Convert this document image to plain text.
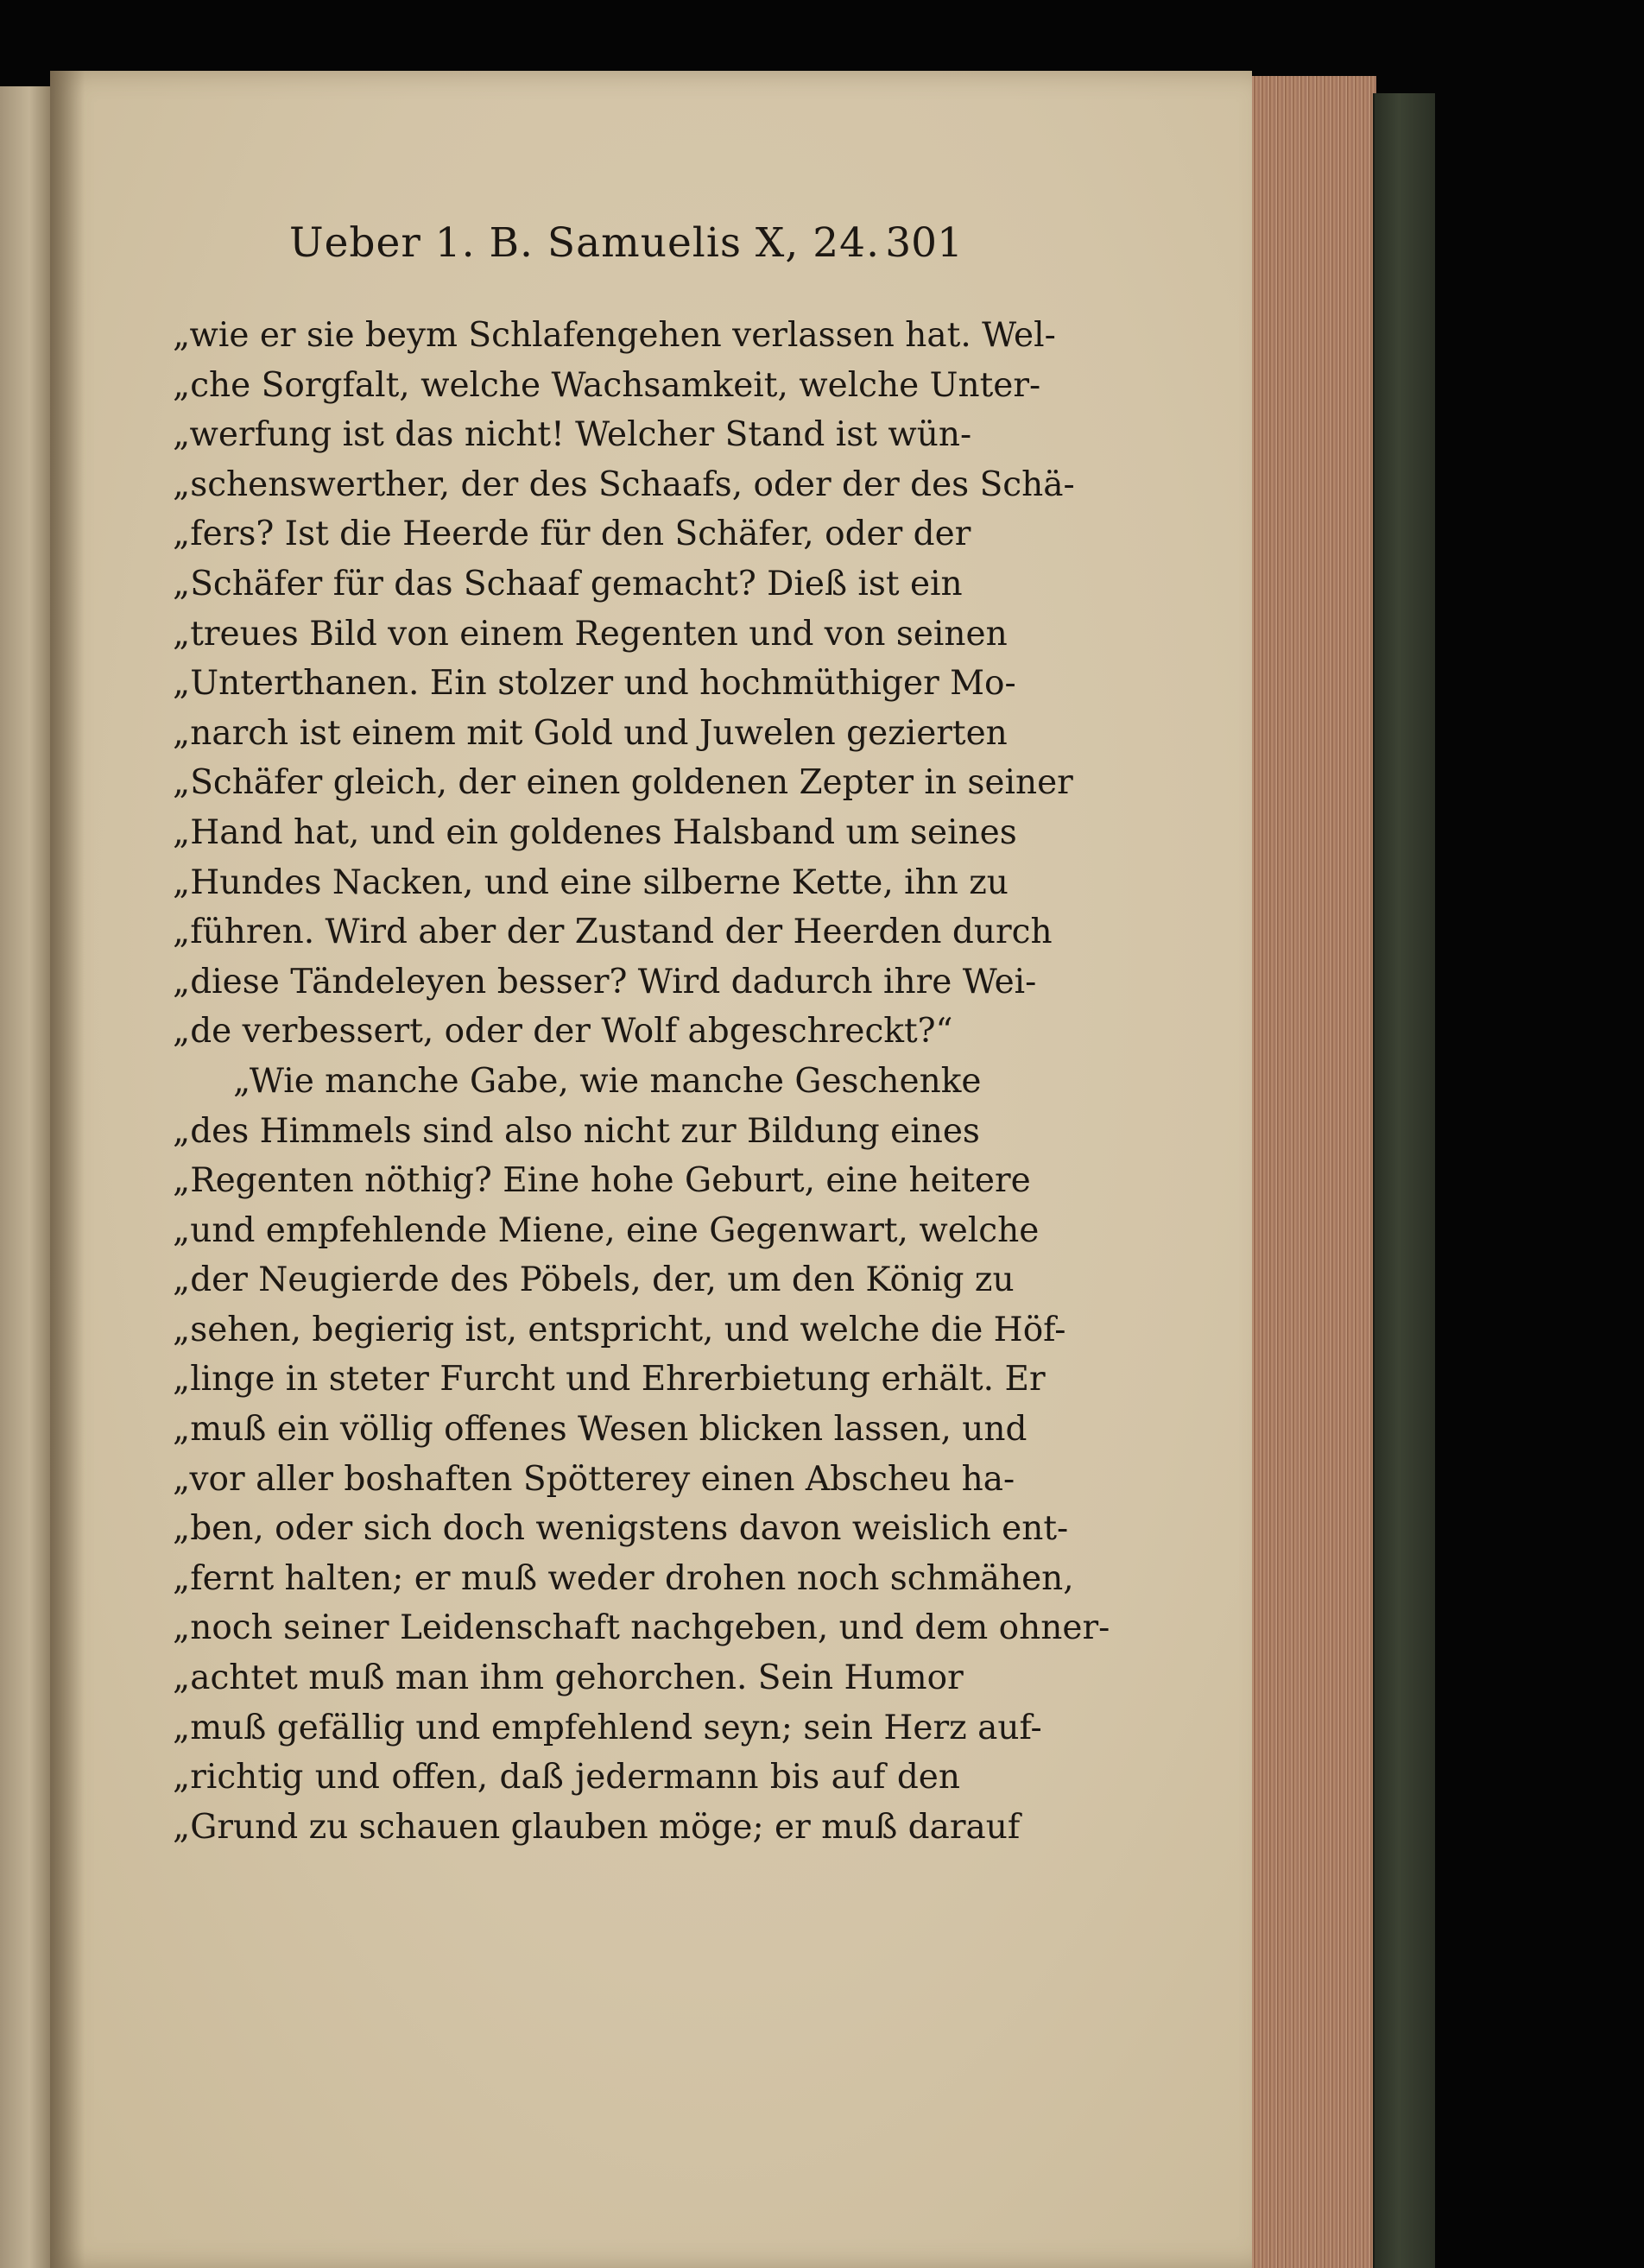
Ueber 1. B. Samuelis X, 24. 301
„wie er sie beym Schlafengehen verlassen hat. Wel-
„che Sorgfalt, welche Wachsamkeit, welche Unter-
„werfung ist das nicht! Welcher Stand ist wün-
„schenswerther, der des Schaafs, oder der des Schä-
„fers? Ist die Heerde für den Schäfer, oder der
„Schäfer für das Schaaf gemacht? Dieß ist ein
„treues Bild von einem Regenten und von seinen
„Unterthanen. Ein stolzer und hochmüthiger Mo-
„narch ist einem mit Gold und Juwelen gezierten
„Schäfer gleich, der einen goldenen Zepter in seiner
„Hand hat, und ein goldenes Halsband um seines
„Hundes Nacken, und eine silberne Kette, ihn zu
„führen. Wird aber der Zustand der Heerden durch
„diese Tändeleyen besser? Wird dadurch ihre Wei-
„de verbessert, oder der Wolf abgeschreckt?“
„Wie manche Gabe, wie manche Geschenke
„des Himmels sind also nicht zur Bildung eines
„Regenten nöthig? Eine hohe Geburt, eine heitere
„und empfehlende Miene, eine Gegenwart, welche
„der Neugierde des Pöbels, der, um den König zu
„sehen, begierig ist, entspricht, und welche die Höf-
„linge in steter Furcht und Ehrerbietung erhält. Er
„muß ein völlig offenes Wesen blicken lassen, und
„vor aller boshaften Spötterey einen Abscheu ha-
„ben, oder sich doch wenigstens davon weislich ent-
„fernt halten; er muß weder drohen noch schmähen,
„noch seiner Leidenschaft nachgeben, und dem ohner-
„achtet muß man ihm gehorchen. Sein Humor
„muß gefällig und empfehlend seyn; sein Herz auf-
„richtig und offen, daß jedermann bis auf den
„Grund zu schauen glauben möge; er muß darauf
